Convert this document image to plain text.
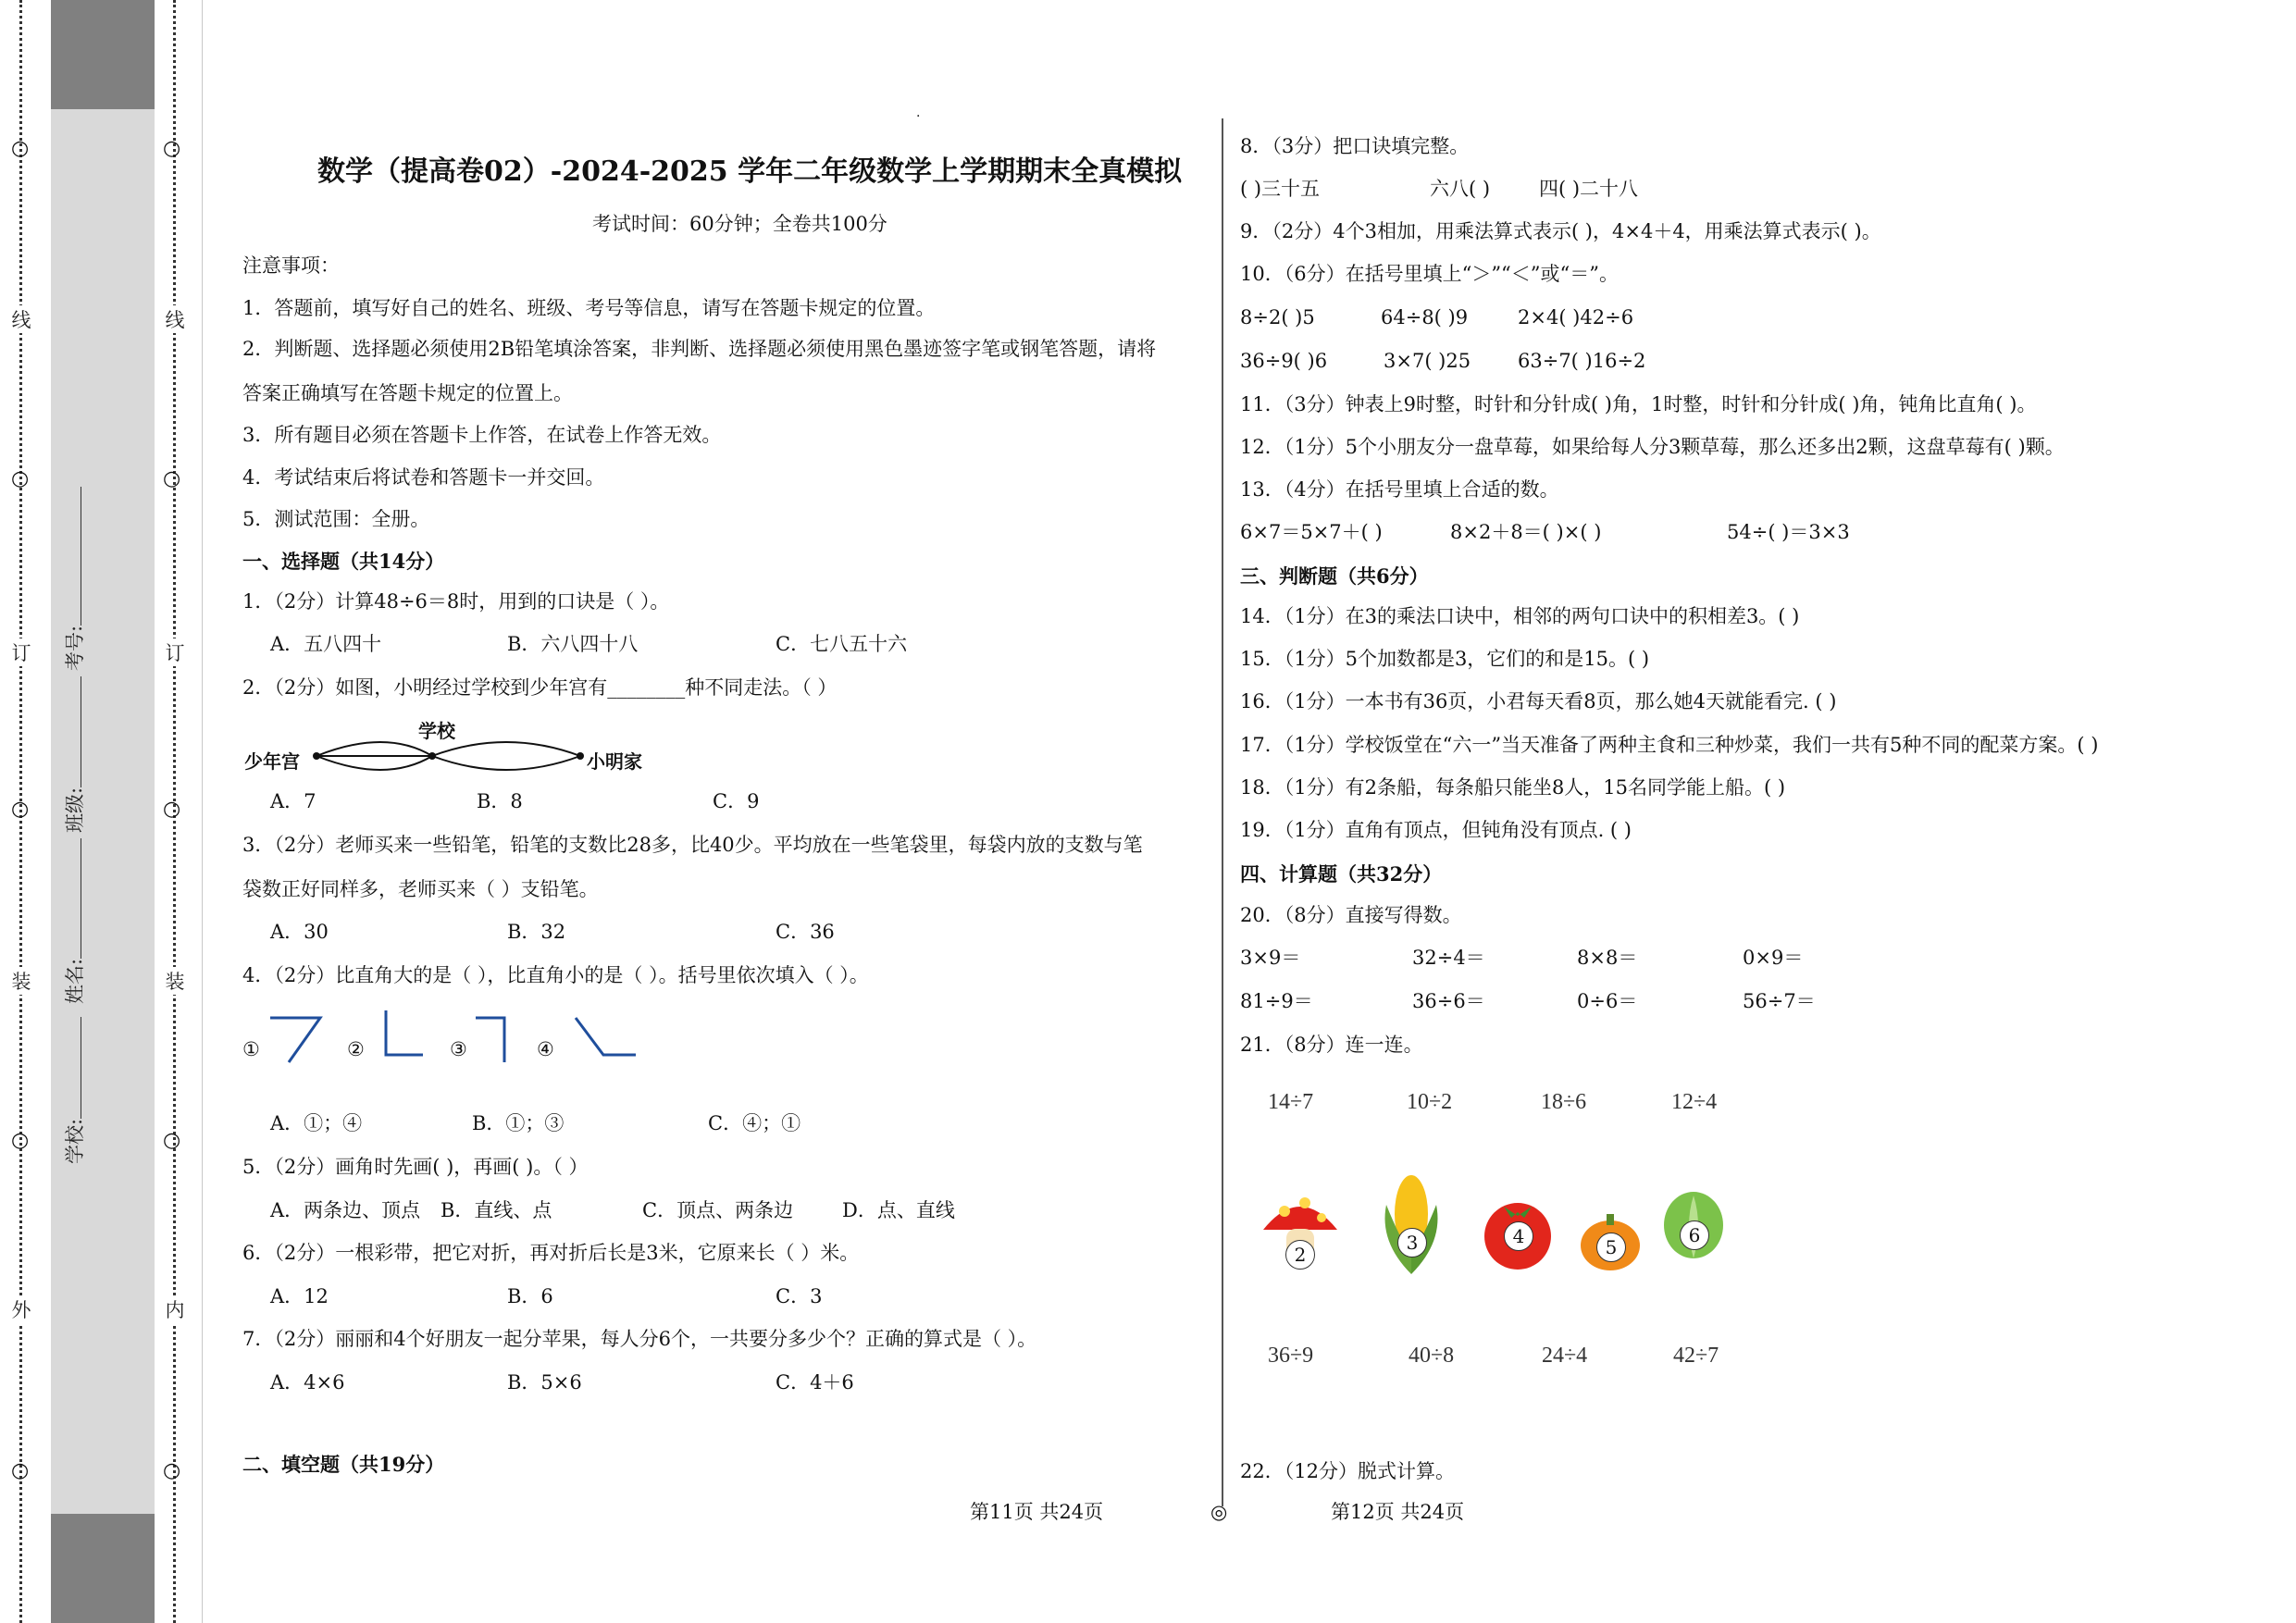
○
○
○
○
○
线
订
装
外
考号:
班级:
姓名:
学校:
○
○
○
○
○
线
订
装
内
·
数学（提高卷02）-2024-2025 学年二年级数学上学期期末全真模拟
考试时间：60分钟；全卷共100分
注意事项：
1．答题前，填写好自己的姓名、班级、考号等信息，请写在答题卡规定的位置。
2．判断题、选择题必须使用2B铅笔填涂答案，非判断、选择题必须使用黑色墨迹签字笔或钢笔答题，请将
答案正确填写在答题卡规定的位置上。
3．所有题目必须在答题卡上作答，在试卷上作答无效。
4．考试结束后将试卷和答题卡一并交回。
5．测试范围：全册。
一、选择题（共14分）
1．（2分）计算48÷6＝8时，用到的口诀是（ ）。
A．五八四十	B．六八四十八	C．七八五十六
2．（2分）如图，小明经过学校到少年宫有________种不同走法。（ ）
少年宫
学校
小明家
A．7	B．8	C．9
3．（2分）老师买来一些铅笔，铅笔的支数比28多，比40少。平均放在一些笔袋里，每袋内放的支数与笔
袋数正好同样多，老师买来（ ）支铅笔。
A．30	B．32	C．36
4．（2分）比直角大的是（ ），比直角小的是（ ）。括号里依次填入（ ）。
①	②	③	④
A．①；④	B．①；③	C．④；①
5．（2分）画角时先画( )，再画( )。（ ）
A．两条边、顶点 B．直线、点	C．顶点、两条边	D．点、直线
6．（2分）一根彩带，把它对折，再对折后长是3米，它原来长（ ）米。
A．12	B．6	C．3
7．（2分）丽丽和4个好朋友一起分苹果，每人分6个，一共要分多少个？正确的算式是（ ）。
A．4×6	B．5×6	C．4＋6
二、填空题（共19分）
8．（3分）把口诀填完整。
( )三十五	六八( )	四( )二十八
9．（2分）4个3相加，用乘法算式表示( )，4×4＋4，用乘法算式表示( )。
10．（6分）在括号里填上“＞”“＜”或“＝”。
8÷2( )5	64÷8( )9	2×4( )42÷6
36÷9( )6	3×7( )25 63÷7( )16÷2
11．（3分）钟表上9时整，时针和分针成( )角，1时整，时针和分针成( )角，钝角比直角( )。
12．（1分）5个小朋友分一盘草莓，如果给每人分3颗草莓，那么还多出2颗，这盘草莓有( )颗。
13．（4分）在括号里填上合适的数。
6×7＝5×7＋( )	8×2＋8＝( )×( )	54÷( )＝3×3
三、判断题（共6分）
14．（1分）在3的乘法口诀中，相邻的两句口诀中的积相差3。( )
15．（1分）5个加数都是3，它们的和是15。( )
16．（1分）一本书有36页，小君每天看8页，那么她4天就能看完. ( )
17．（1分）学校饭堂在“六一”当天准备了两种主食和三种炒菜，我们一共有5种不同的配菜方案。( )
18．（1分）有2条船，每条船只能坐8人，15名同学能上船。( )
19．（1分）直角有顶点，但钝角没有顶点. ( )
四、计算题（共32分）
20．（8分）直接写得数。
3×9＝	32÷4＝	8×8＝	0×9＝
81÷9＝	36÷6＝	0÷6＝	56÷7＝
21．（8分）连一连。
14÷7	10÷2	18÷6	12÷4
2
3	4	5
6
36÷9	40÷8	24÷4	42÷7
22．（12分）脱式计算。
第11页 共24页	◎	第12页 共24页
